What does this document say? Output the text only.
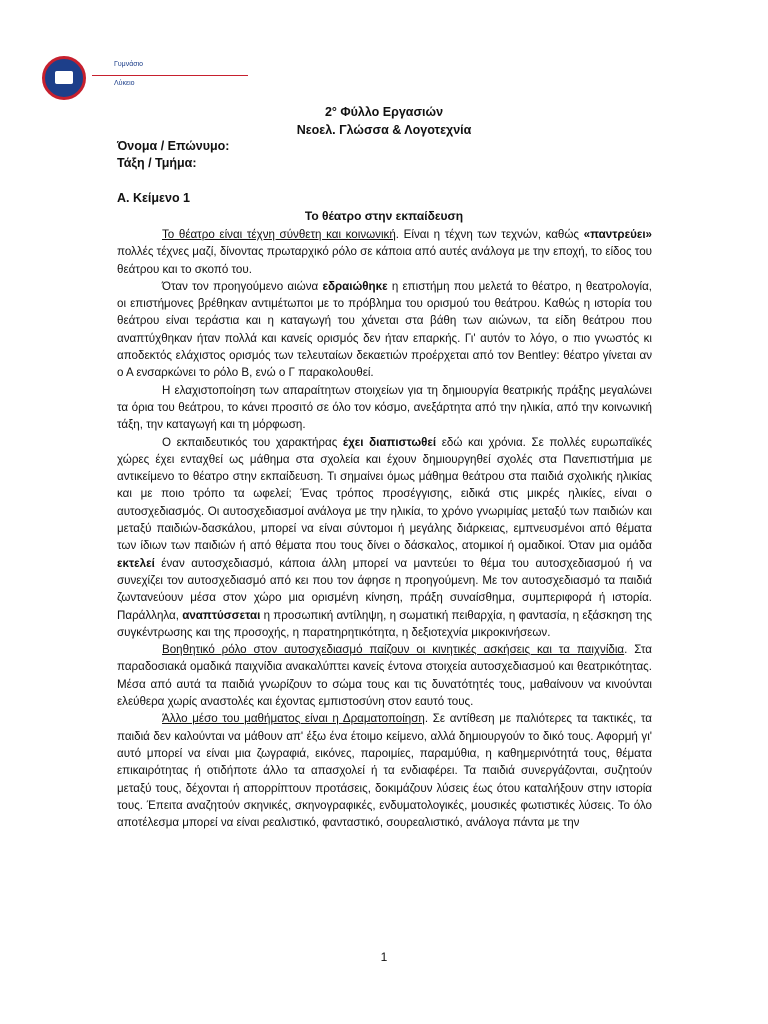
Γυμνάσιο
Λύκειο
2° Φύλλο Εργασιών
Νεοελ. Γλώσσα & Λογοτεχνία
Όνομα / Επώνυμο:
Τάξη / Τμήμα:
Α. Κείμενο 1
Το θέατρο στην εκπαίδευση

Το θέατρο είναι τέχνη σύνθετη και κοινωνική. Είναι η τέχνη των τεχνών, καθώς «παντρεύει» πολλές τέχνες μαζί, δίνοντας πρωταρχικό ρόλο σε κάποια από αυτές ανάλογα με την εποχή, το είδος του θεάτρου και το σκοπό του.

Όταν τον προηγούμενο αιώνα εδραιώθηκε η επιστήμη που μελετά το θέατρο, η θεατρολογία, οι επιστήμονες βρέθηκαν αντιμέτωποι με το πρόβλημα του ορισμού του θεάτρου. Καθώς η ιστορία του θεάτρου είναι τεράστια και η καταγωγή του χάνεται στα βάθη των αιώνων, τα είδη θεάτρου που αναπτύχθηκαν ήταν πολλά και κανείς ορισμός δεν ήταν επαρκής. Γι' αυτόν το λόγο, ο πιο γνωστός κι αποδεκτός ελάχιστος ορισμός των τελευταίων δεκαετιών προέρχεται από τον Bentley: θέατρο γίνεται αν ο Α ενσαρκώνει το ρόλο Β, ενώ ο Γ παρακολουθεί.

Η ελαχιστοποίηση των απαραίτητων στοιχείων για τη δημιουργία θεατρικής πράξης μεγαλώνει τα όρια του θεάτρου, το κάνει προσιτό σε όλο τον κόσμο, ανεξάρτητα από την ηλικία, από την κοινωνική τάξη, την καταγωγή και τη μόρφωση.

Ο εκπαιδευτικός του χαρακτήρας έχει διαπιστωθεί εδώ και χρόνια. Σε πολλές ευρωπαϊκές χώρες έχει ενταχθεί ως μάθημα στα σχολεία και έχουν δημιουργηθεί σχολές στα Πανεπιστήμια με αντικείμενο το θέατρο στην εκπαίδευση. Τι σημαίνει όμως μάθημα θεάτρου στα παιδιά σχολικής ηλικίας και με ποιο τρόπο τα ωφελεί; Ένας τρόπος προσέγγισης, ειδικά στις μικρές ηλικίες, είναι ο αυτοσχεδιασμός. Οι αυτοσχεδιασμοί ανάλογα με την ηλικία, το χρόνο γνωριμίας μεταξύ των παιδιών και μεταξύ παιδιών-δασκάλου, μπορεί να είναι σύντομοι ή μεγάλης διάρκειας, εμπνευσμένοι από θέματα των ίδιων των παιδιών ή από θέματα που τους δίνει ο δάσκαλος, ατομικοί ή ομαδικοί. Όταν μια ομάδα εκτελεί έναν αυτοσχεδιασμό, κάποια άλλη μπορεί να μαντεύει το θέμα του αυτοσχεδιασμού ή να συνεχίζει τον αυτοσχεδιασμό από κει που τον άφησε η προηγούμενη. Με τον αυτοσχεδιασμό τα παιδιά ζωντανεύουν μέσα στον χώρο μια ορισμένη κίνηση, πράξη συναίσθημα, συμπεριφορά ή ιστορία. Παράλληλα, αναπτύσσεται η προσωπική αντίληψη, η σωματική πειθαρχία, η φαντασία, η εξάσκηση της συγκέντρωσης και της προσοχής, η παρατηρητικότητα, η δεξιοτεχνία μικροκινήσεων.

Βοηθητικό ρόλο στον αυτοσχεδιασμό παίζουν οι κινητικές ασκήσεις και τα παιχνίδια. Στα παραδοσιακά ομαδικά παιχνίδια ανακαλύπτει κανείς έντονα στοιχεία αυτοσχεδιασμού και θεατρικότητας. Μέσα από αυτά τα παιδιά γνωρίζουν το σώμα τους και τις δυνατότητές τους, μαθαίνουν να κινούνται ελεύθερα χωρίς αναστολές και έχοντας εμπιστοσύνη στον εαυτό τους.

Άλλο μέσο του μαθήματος είναι η Δραματοποίηση. Σε αντίθεση με παλιότερες τα τακτικές, τα παιδιά δεν καλούνται να μάθουν απ' έξω ένα έτοιμο κείμενο, αλλά δημιουργούν το δικό τους. Αφορμή γι' αυτό μπορεί να είναι μια ζωγραφιά, εικόνες, παροιμίες, παραμύθια, η καθημερινότητά τους, θέματα επικαιρότητας ή οτιδήποτε άλλο τα απασχολεί ή τα ενδιαφέρει. Τα παιδιά συνεργάζονται, συζητούν μεταξύ τους, δέχονται ή απορρίπτουν προτάσεις, δοκιμάζουν λύσεις έως ότου καταλήξουν στην ιστορία τους. Έπειτα αναζητούν σκηνικές, σκηνογραφικές, ενδυματολογικές, μουσικές φωτιστικές λύσεις. Το όλο αποτέλεσμα μπορεί να είναι ρεαλιστικό, φανταστικό, σουρεαλιστικό, ανάλογα πάντα με την

1
